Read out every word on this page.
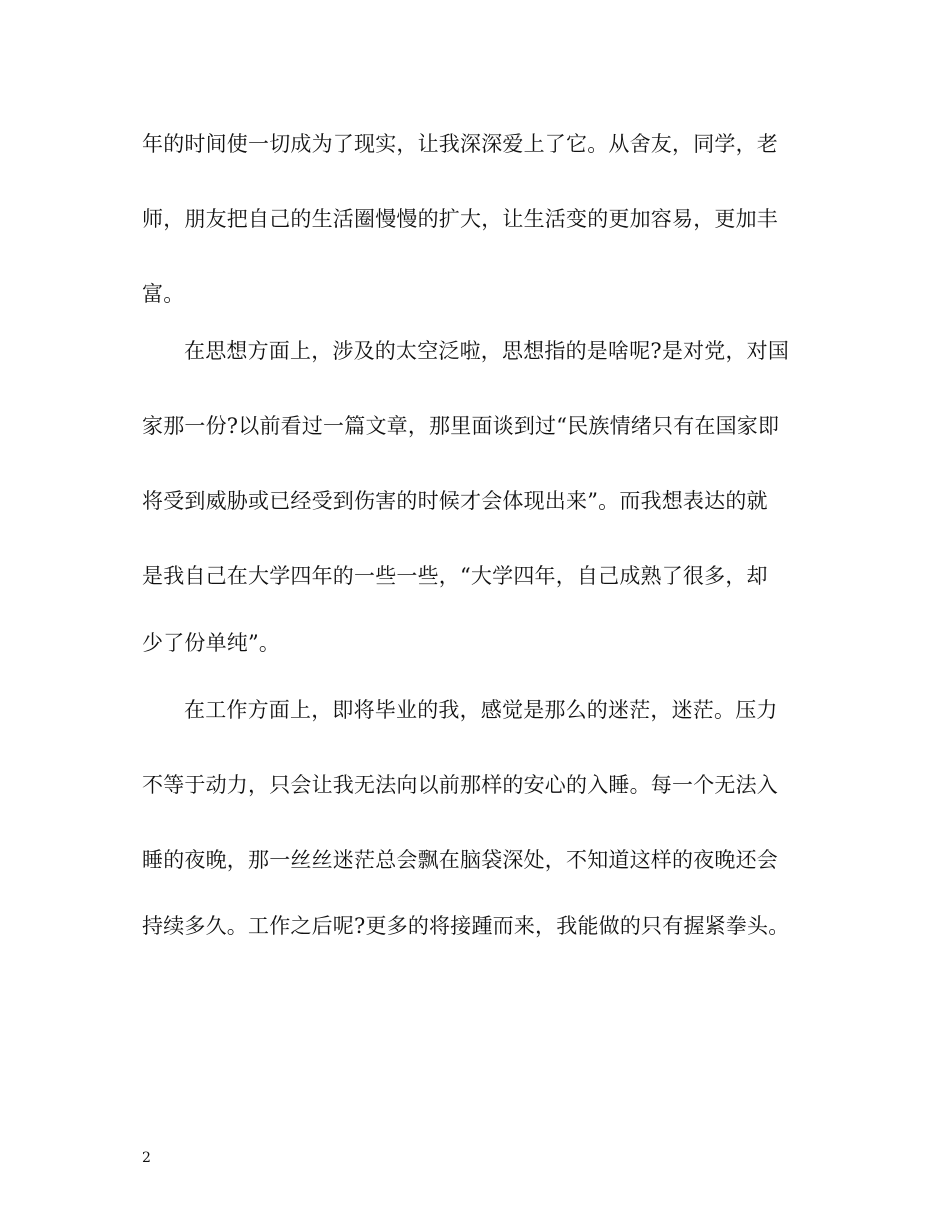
年的时间使一切成为了现实，让我深深爱上了它。从舍友，同学，老
师，朋友把自己的生活圈慢慢的扩大，让生活变的更加容易，更加丰
富。
在思想方面上，涉及的太空泛啦，思想指的是啥呢?是对党，对国
家那一份?以前看过一篇文章，那里面谈到过“民族情绪只有在国家即
将受到威胁或已经受到伤害的时候才会体现出来”。而我想表达的就
是我自己在大学四年的一些一些，“大学四年，自己成熟了很多，却
少了份单纯”。
在工作方面上，即将毕业的我，感觉是那么的迷茫，迷茫。压力
不等于动力，只会让我无法向以前那样的安心的入睡。每一个无法入
睡的夜晚，那一丝丝迷茫总会飘在脑袋深处，不知道这样的夜晚还会
持续多久。工作之后呢?更多的将接踵而来，我能做的只有握紧拳头。
2
